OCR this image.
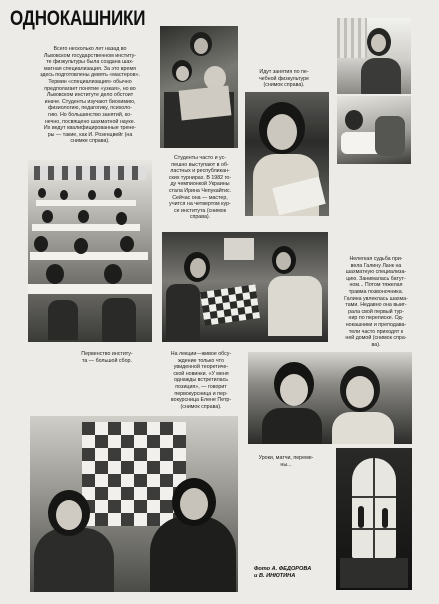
ОДНОКАШНИКИ
Всего несколько лет назад во
Львовском государственном институ-
те физкультуры была создана шах-
матная специализация. За это время
здесь подготовлены девять «мастеров».
Термин «специализация» обычно
предполагает понятие «узкая», но во
Львовском институте дело обстоит
иначе. Студенты изучают биохимию,
физиологию, педагогику, психоло-
гию. Но большинство занятий, ко-
нечно, посвящено шахматной науке.
Их ведут квалифицированные трене-
ры — такие, как И. Розенцвейг (на
снимке справа).
Идут занятия по пе-
чебной физкультуре
(снимок справа).
Студенты часто и ус-
пешно выступают в об-
ластных и республикан-
ских турнирах. В 1982 го-
ду чемпионкой Украины
стала Ирина Чепукайтис.
Сейчас она — мастер,
учится на четвертом кур-
се института (снимок
справа).
Нелегкая судьба при-
вела Галину Ланк на
шахматную специализа-
цию. Занималась батут-
ном... Потом тяжелая
травма позвоночника.
Галина увлеклась шахма-
тами. Недавно она выиг-
рала свой первый тур-
нир по переписке. Од-
нокашники и преподава-
тели часто приходят к
ней домой (снимок спра-
ва).
Первенство институ-
та — большой сбор.
На лекции—живое обсу-
ждение только что
увиденной теоретиче-
ской новинки. «У меня
однажды встретилась
позиция», — говорит
первокурсница и пер-
вокурсница Елене Петр-
(снимок справа).
Уроки, матчи, переме-
ны...
Фото А. ФЕДОРОВА
и В. ИНЮТИНА
